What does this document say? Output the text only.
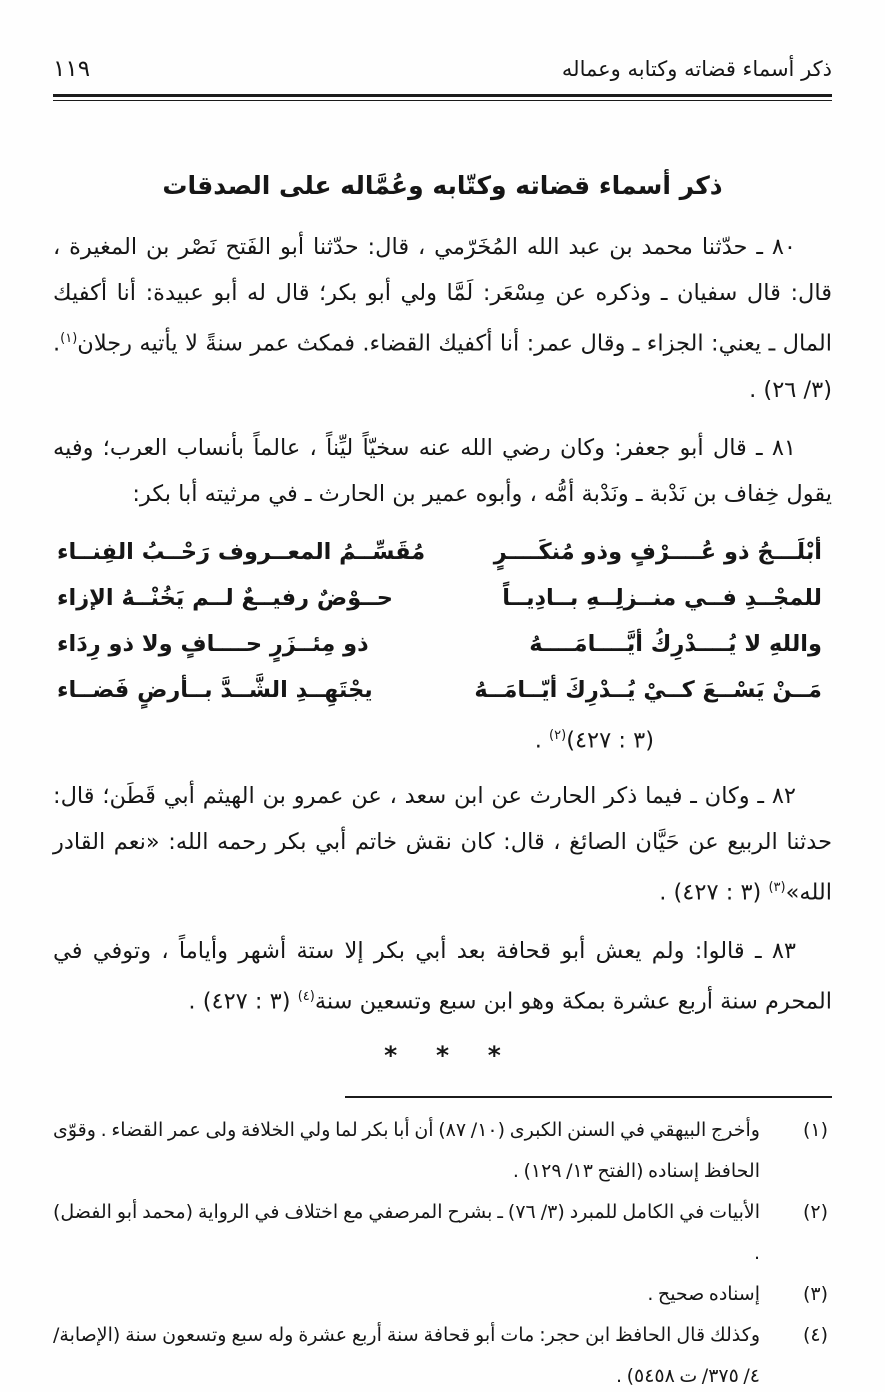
ذكر أسماء قضاته وكتابه وعماله
١١٩
ذكر أسماء قضاته وكتّابه وعُمَّاله على الصدقات

٨٠ ـ حدّثنا محمد بن عبد الله المُخَرّمي ، قال: حدّثنا أبو الفَتح نَصْر بن المغيرة ، قال: قال سفيان ـ وذكره عن مِسْعَر: لَمَّا ولي أبو بكر؛ قال له أبو عبيدة: أنا أكفيك المال ـ يعني: الجزاء ـ وقال عمر: أنا أكفيك القضاء. فمكث عمر سنةً لا يأتيه رجلان$^{(١)}$. (٣/ ٢٦) .

٨١ ـ قال أبو جعفر: وكان رضي الله عنه سخيّاً ليِّناً ، عالماً بأنساب العرب؛ وفيه يقول خِفاف بن نَدْبة ـ ونَدْبة أمُّه ، وأبوه عمير بن الحارث ـ في مرثيته أبا بكر:

أبْلَـــجُ ذو عُــــرْفٍ وذو مُنكَــــرٍ
مُقَسِّــمُ المعــروف رَحْــبُ الفِنــاء
للمجْــدِ فــي منــزلِــهِ بــادِيــاً
حــوْضٌ رفيــعٌ لــم يَخُنْــهُ الإزاء
واللهِ لا يُــــدْرِكُ أيَّــــامَــــهُ
ذو مِئــزَرٍ حــــافٍ ولا ذو رِدَاء
مَــنْ يَسْــعَ كــيْ يُــدْرِكَ أيّــامَــهُ
يجْتَهِــدِ الشَّــدَّ بــأرضٍ فَضــاء
(٣ : ٤٢٧)$^{(٢)}$ .

٨٢ ـ وكان ـ فيما ذكر الحارث عن ابن سعد ، عن عمرو بن الهيثم أبي قَطَن؛ قال: حدثنا الربيع عن حَيَّان الصائغ ، قال: كان نقش خاتم أبي بكر رحمه الله: «نعم القادر الله»$^{(٣)}$ (٣ : ٤٢٧) .

٨٣ ـ قالوا: ولم يعش أبو قحافة بعد أبي بكر إلا ستة أشهر وأياماً ، وتوفي في المحرم سنة أربع عشرة بمكة وهو ابن سبع وتسعين سنة$^{(٤)}$ (٣ : ٤٢٧) .

* * *
(١)
وأخرج البيهقي في السنن الكبرى (١٠/ ٨٧) أن أبا بكر لما ولي الخلافة ولى عمر القضاء . وقوّى الحافظ إسناده (الفتح ١٣/ ١٢٩) .
(٢)
الأبيات في الكامل للمبرد (٣/ ٧٦) ـ بشرح المرصفي مع اختلاف في الرواية (محمد أبو الفضل) .
(٣)
إسناده صحيح .
(٤)
وكذلك قال الحافظ ابن حجر: مات أبو قحافة سنة أربع عشرة وله سبع وتسعون سنة (الإصابة/ ٤/ ٣٧٥/ ت ٥٤٥٨) .
